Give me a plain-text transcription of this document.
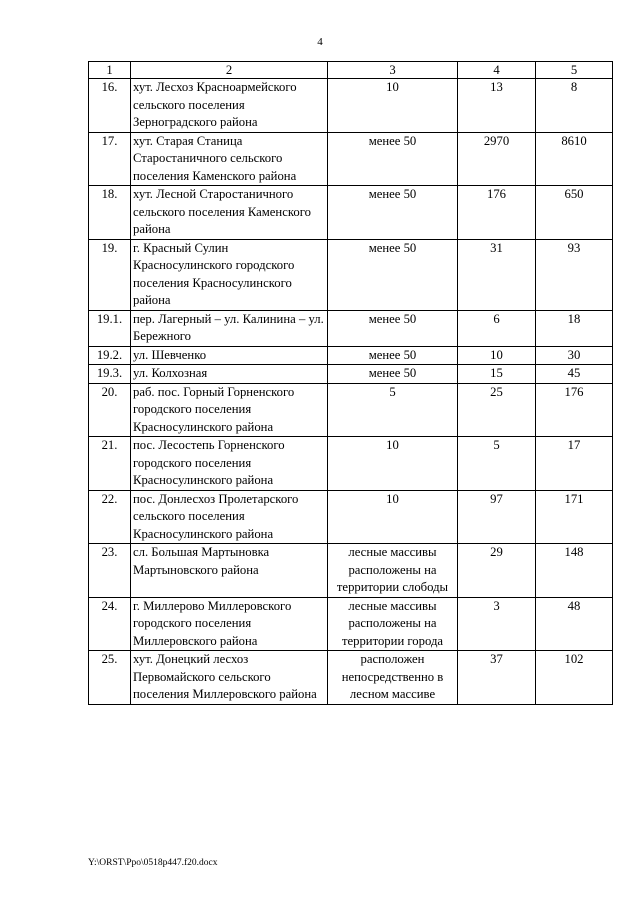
4
1	2	3	4	5
16.	хут. Лесхоз Красноармейского сельского поселения Зерноградского района	10	13	8
17.	хут. Старая Станица Старостаничного сельского поселения Каменского района	менее 50	2970	8610
18.	хут. Лесной Старостаничного сельского поселения Каменского района	менее 50	176	650
19.	г. Красный Сулин Красносулинского городского поселения Красносулинского района	менее 50	31	93
19.1.	пер. Лагерный – ул. Калинина – ул. Бережного	менее 50	6	18
19.2.	ул. Шевченко	менее 50	10	30
19.3.	ул. Колхозная	менее 50	15	45
20.	раб. пос. Горный Горненского городского поселения Красносулинского района	5	25	176
21.	пос. Лесостепь Горненского городского поселения Красносулинского района	10	5	17
22.	пос. Донлесхоз Пролетарского сельского поселения Красносулинского района	10	97	171
23.	сл. Большая Мартыновка Мартыновского района	лесные массивы расположены на территории слободы	29	148
24.	г. Миллерово Миллеровского городского поселения Миллеровского района	лесные массивы расположены на территории города	3	48
25.	хут. Донецкий лесхоз Первомайского сельского поселения Миллеровского района	расположен непосредственно в лесном массиве	37	102
Y:\ORST\Ppo\0518p447.f20.docx
